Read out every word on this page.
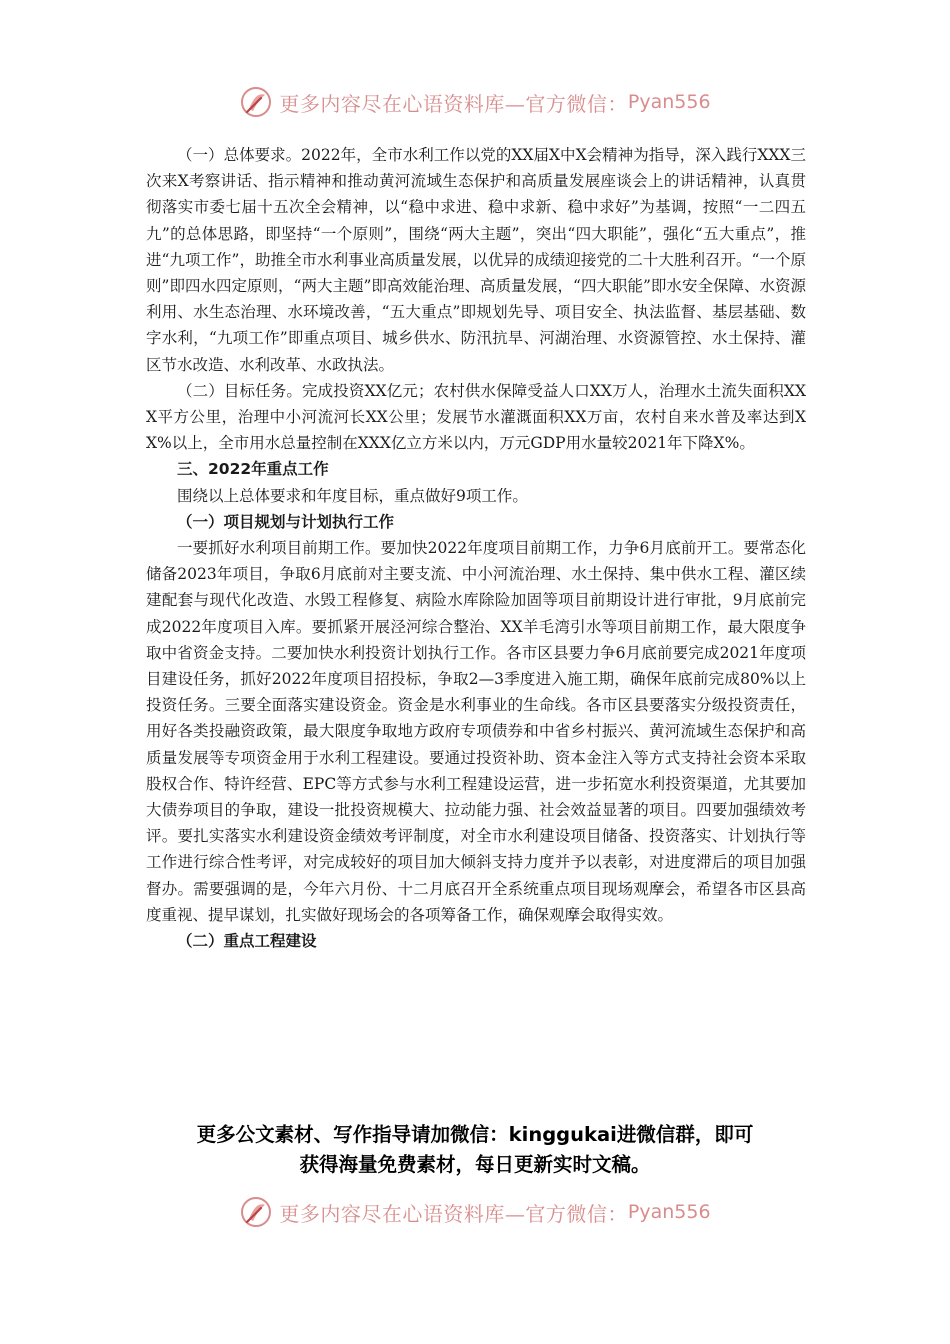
更多内容尽在心语资料库—官方微信： Pyan556

（一）总体要求。2022年，全市水利工作以党的XX届X中X会精神为指导，深入践行XXX三次来X考察讲话、指示精神和推动黄河流域生态保护和高质量发展座谈会上的讲话精神，认真贯彻落实市委七届十五次全会精神，以“稳中求进、稳中求新、稳中求好”为基调，按照“一二四五九”的总体思路，即坚持“一个原则”，围绕“两大主题”，突出“四大职能”，强化“五大重点”，推进“九项工作”，助推全市水利事业高质量发展，以优异的成绩迎接党的二十大胜利召开。“一个原则”即四水四定原则，“两大主题”即高效能治理、高质量发展，“四大职能”即水安全保障、水资源利用、水生态治理、水环境改善，“五大重点”即规划先导、项目安全、执法监督、基层基础、数字水利，“九项工作”即重点项目、城乡供水、防汛抗旱、河湖治理、水资源管控、水土保持、灌区节水改造、水利改革、水政执法。

（二）目标任务。完成投资XX亿元；农村供水保障受益人口XX万人，治理水土流失面积XXX平方公里，治理中小河流河长XX公里；发展节水灌溉面积XX万亩，农村自来水普及率达到XX%以上，全市用水总量控制在XXX亿立方米以内，万元GDP用水量较2021年下降X%。

三、2022年重点工作

围绕以上总体要求和年度目标，重点做好9项工作。

（一）项目规划与计划执行工作

一要抓好水利项目前期工作。要加快2022年度项目前期工作，力争6月底前开工。要常态化储备2023年项目，争取6月底前对主要支流、中小河流治理、水土保持、集中供水工程、灌区续建配套与现代化改造、水毁工程修复、病险水库除险加固等项目前期设计进行审批，9月底前完成2022年度项目入库。要抓紧开展泾河综合整治、XX羊毛湾引水等项目前期工作，最大限度争取中省资金支持。二要加快水利投资计划执行工作。各市区县要力争6月底前要完成2021年度项目建设任务，抓好2022年度项目招投标，争取2—3季度进入施工期，确保年底前完成80%以上投资任务。三要全面落实建设资金。资金是水利事业的生命线。各市区县要落实分级投资责任，用好各类投融资政策，最大限度争取地方政府专项债券和中省乡村振兴、黄河流域生态保护和高质量发展等专项资金用于水利工程建设。要通过投资补助、资本金注入等方式支持社会资本采取股权合作、特许经营、EPC等方式参与水利工程建设运营，进一步拓宽水利投资渠道，尤其要加大债券项目的争取，建设一批投资规模大、拉动能力强、社会效益显著的项目。四要加强绩效考评。要扎实落实水利建设资金绩效考评制度，对全市水利建设项目储备、投资落实、计划执行等工作进行综合性考评，对完成较好的项目加大倾斜支持力度并予以表彰，对进度滞后的项目加强督办。需要强调的是，今年六月份、十二月底召开全系统重点项目现场观摩会，希望各市区县高度重视、提早谋划，扎实做好现场会的各项筹备工作，确保观摩会取得实效。

（二）重点工程建设

更多公文素材、写作指导请加微信：kinggukai进微信群，即可
获得海量免费素材，每日更新实时文稿。
更多内容尽在心语资料库—官方微信： Pyan556
